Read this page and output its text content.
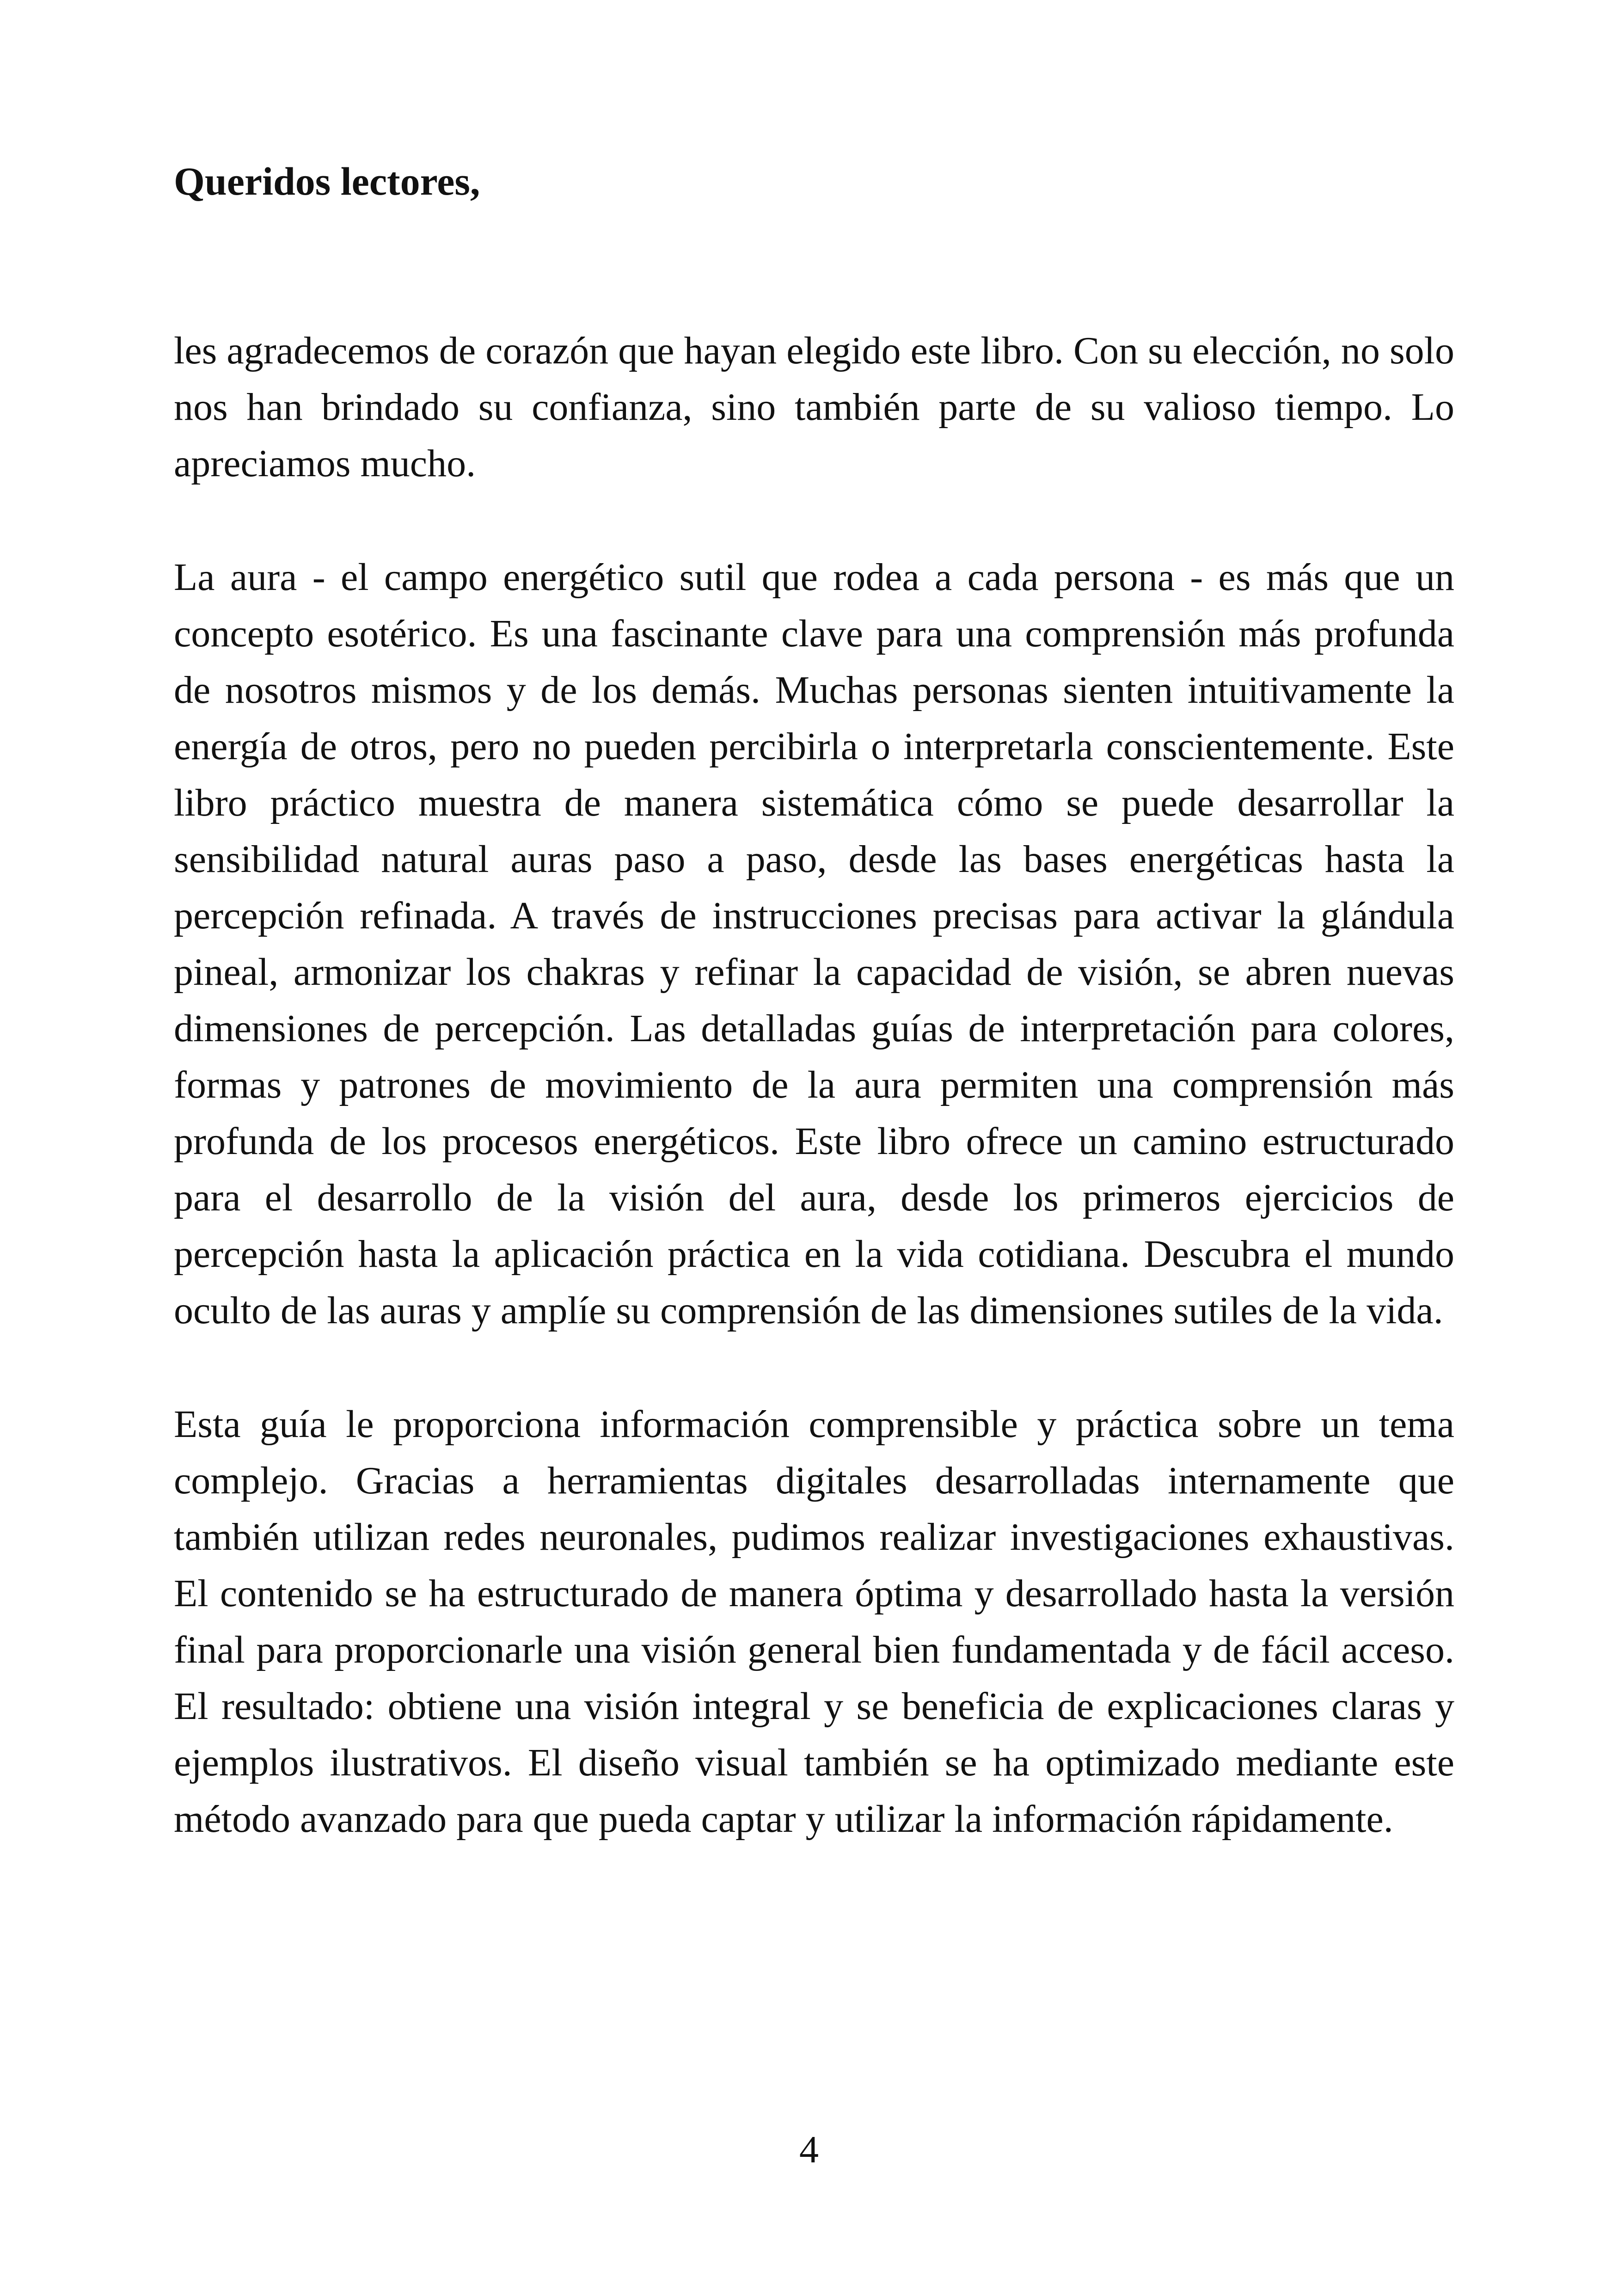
Queridos lectores,

les agradecemos de corazón que hayan elegido este libro. Con su elección, no solo nos han brindado su confianza, sino también parte de su valioso tiempo. Lo apreciamos mucho.

La aura - el campo energético sutil que rodea a cada persona - es más que un concepto esotérico. Es una fascinante clave para una comprensión más profunda de nosotros mismos y de los demás. Muchas personas sienten intuitivamente la energía de otros, pero no pueden percibirla o interpretarla conscientemente. Este libro práctico muestra de manera sistemática cómo se puede desarrollar la sensibilidad natural auras paso a paso, desde las bases energéticas hasta la percepción refinada. A través de instrucciones precisas para activar la glándula pineal, armonizar los chakras y refinar la capacidad de visión, se abren nuevas dimensiones de percepción. Las detalladas guías de interpretación para colores, formas y patrones de movimiento de la aura permiten una comprensión más profunda de los procesos energéticos. Este libro ofrece un camino estructurado para el desarrollo de la visión del aura, desde los primeros ejercicios de percepción hasta la aplicación práctica en la vida cotidiana. Descubra el mundo oculto de las auras y amplíe su comprensión de las dimensiones sutiles de la vida.

Esta guía le proporciona información comprensible y práctica sobre un tema complejo. Gracias a herramientas digitales desarrolladas internamente que también utilizan redes neuronales, pudimos realizar investigaciones exhaustivas. El contenido se ha estructurado de manera óptima y desarrollado hasta la versión final para proporcionarle una visión general bien fundamentada y de fácil acceso. El resultado: obtiene una visión integral y se beneficia de explicaciones claras y ejemplos ilustrativos. El diseño visual también se ha optimizado mediante este método avanzado para que pueda captar y utilizar la información rápidamente.

4
